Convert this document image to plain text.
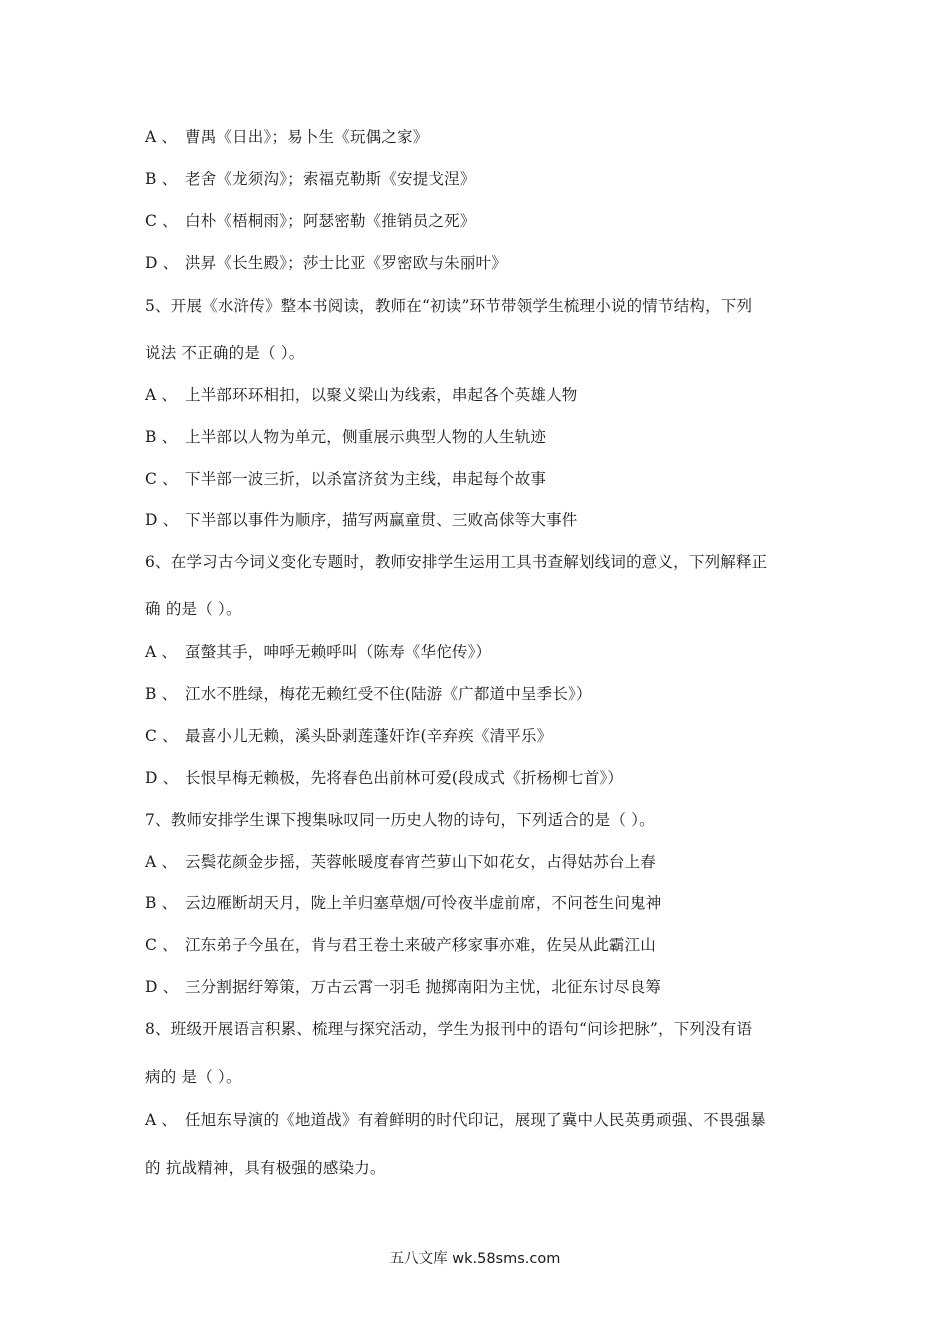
A 、 曹禺《日出》；易卜生《玩偶之家》
B 、 老舍《龙须沟》；索福克勒斯《安提戈涅》
C 、 白朴《梧桐雨》；阿瑟密勒《推销员之死》
D 、 洪昇《长生殿》；莎士比亚《罗密欧与朱丽叶》
5、开展《水浒传》整本书阅读，教师在“初读”环节带领学生梳理小说的情节结构，下列
说法 不正确的是（ ）。
A 、 上半部环环相扣，以聚义梁山为线索，串起各个英雄人物
B 、 上半部以人物为单元，侧重展示典型人物的人生轨迹
C 、 下半部一波三折，以杀富济贫为主线，串起每个故事
D 、 下半部以事件为顺序，描写两赢童贯、三败高俅等大事件
6、在学习古今词义变化专题时，教师安排学生运用工具书查解划线词的意义，下列解释正
确 的是（ ）。
A 、 虿螫其手，呻呼无赖呼叫（陈寿《华佗传》）
B 、 江水不胜绿，梅花无赖红受不住(陆游《广都道中呈季长》）
C 、 最喜小儿无赖，溪头卧剥莲蓬奸诈(辛弃疾《清平乐》
D 、 长恨早梅无赖极，先将春色出前林可爱(段成式《折杨柳七首》）
7、教师安排学生课下搜集咏叹同一历史人物的诗句，下列适合的是（ ）。
A 、 云鬓花颜金步摇，芙蓉帐暖度春宵苎萝山下如花女，占得姑苏台上春
B 、 云边雁断胡天月，陇上羊归塞草烟/可怜夜半虚前席，不问苍生问鬼神
C 、 江东弟子今虽在，肯与君王卷土来破产移家事亦难，佐吴从此霸江山
D 、 三分割据纡筹策，万古云霄一羽毛 抛掷南阳为主忧，北征东讨尽良筹
8、班级开展语言积累、梳理与探究活动，学生为报刊中的语句“问诊把脉”，下列没有语
病的 是（ ）。
A 、 任旭东导演的《地道战》有着鲜明的时代印记，展现了冀中人民英勇顽强、不畏强暴
的 抗战精神，具有极强的感染力。
五八文库 wk.58sms.com
